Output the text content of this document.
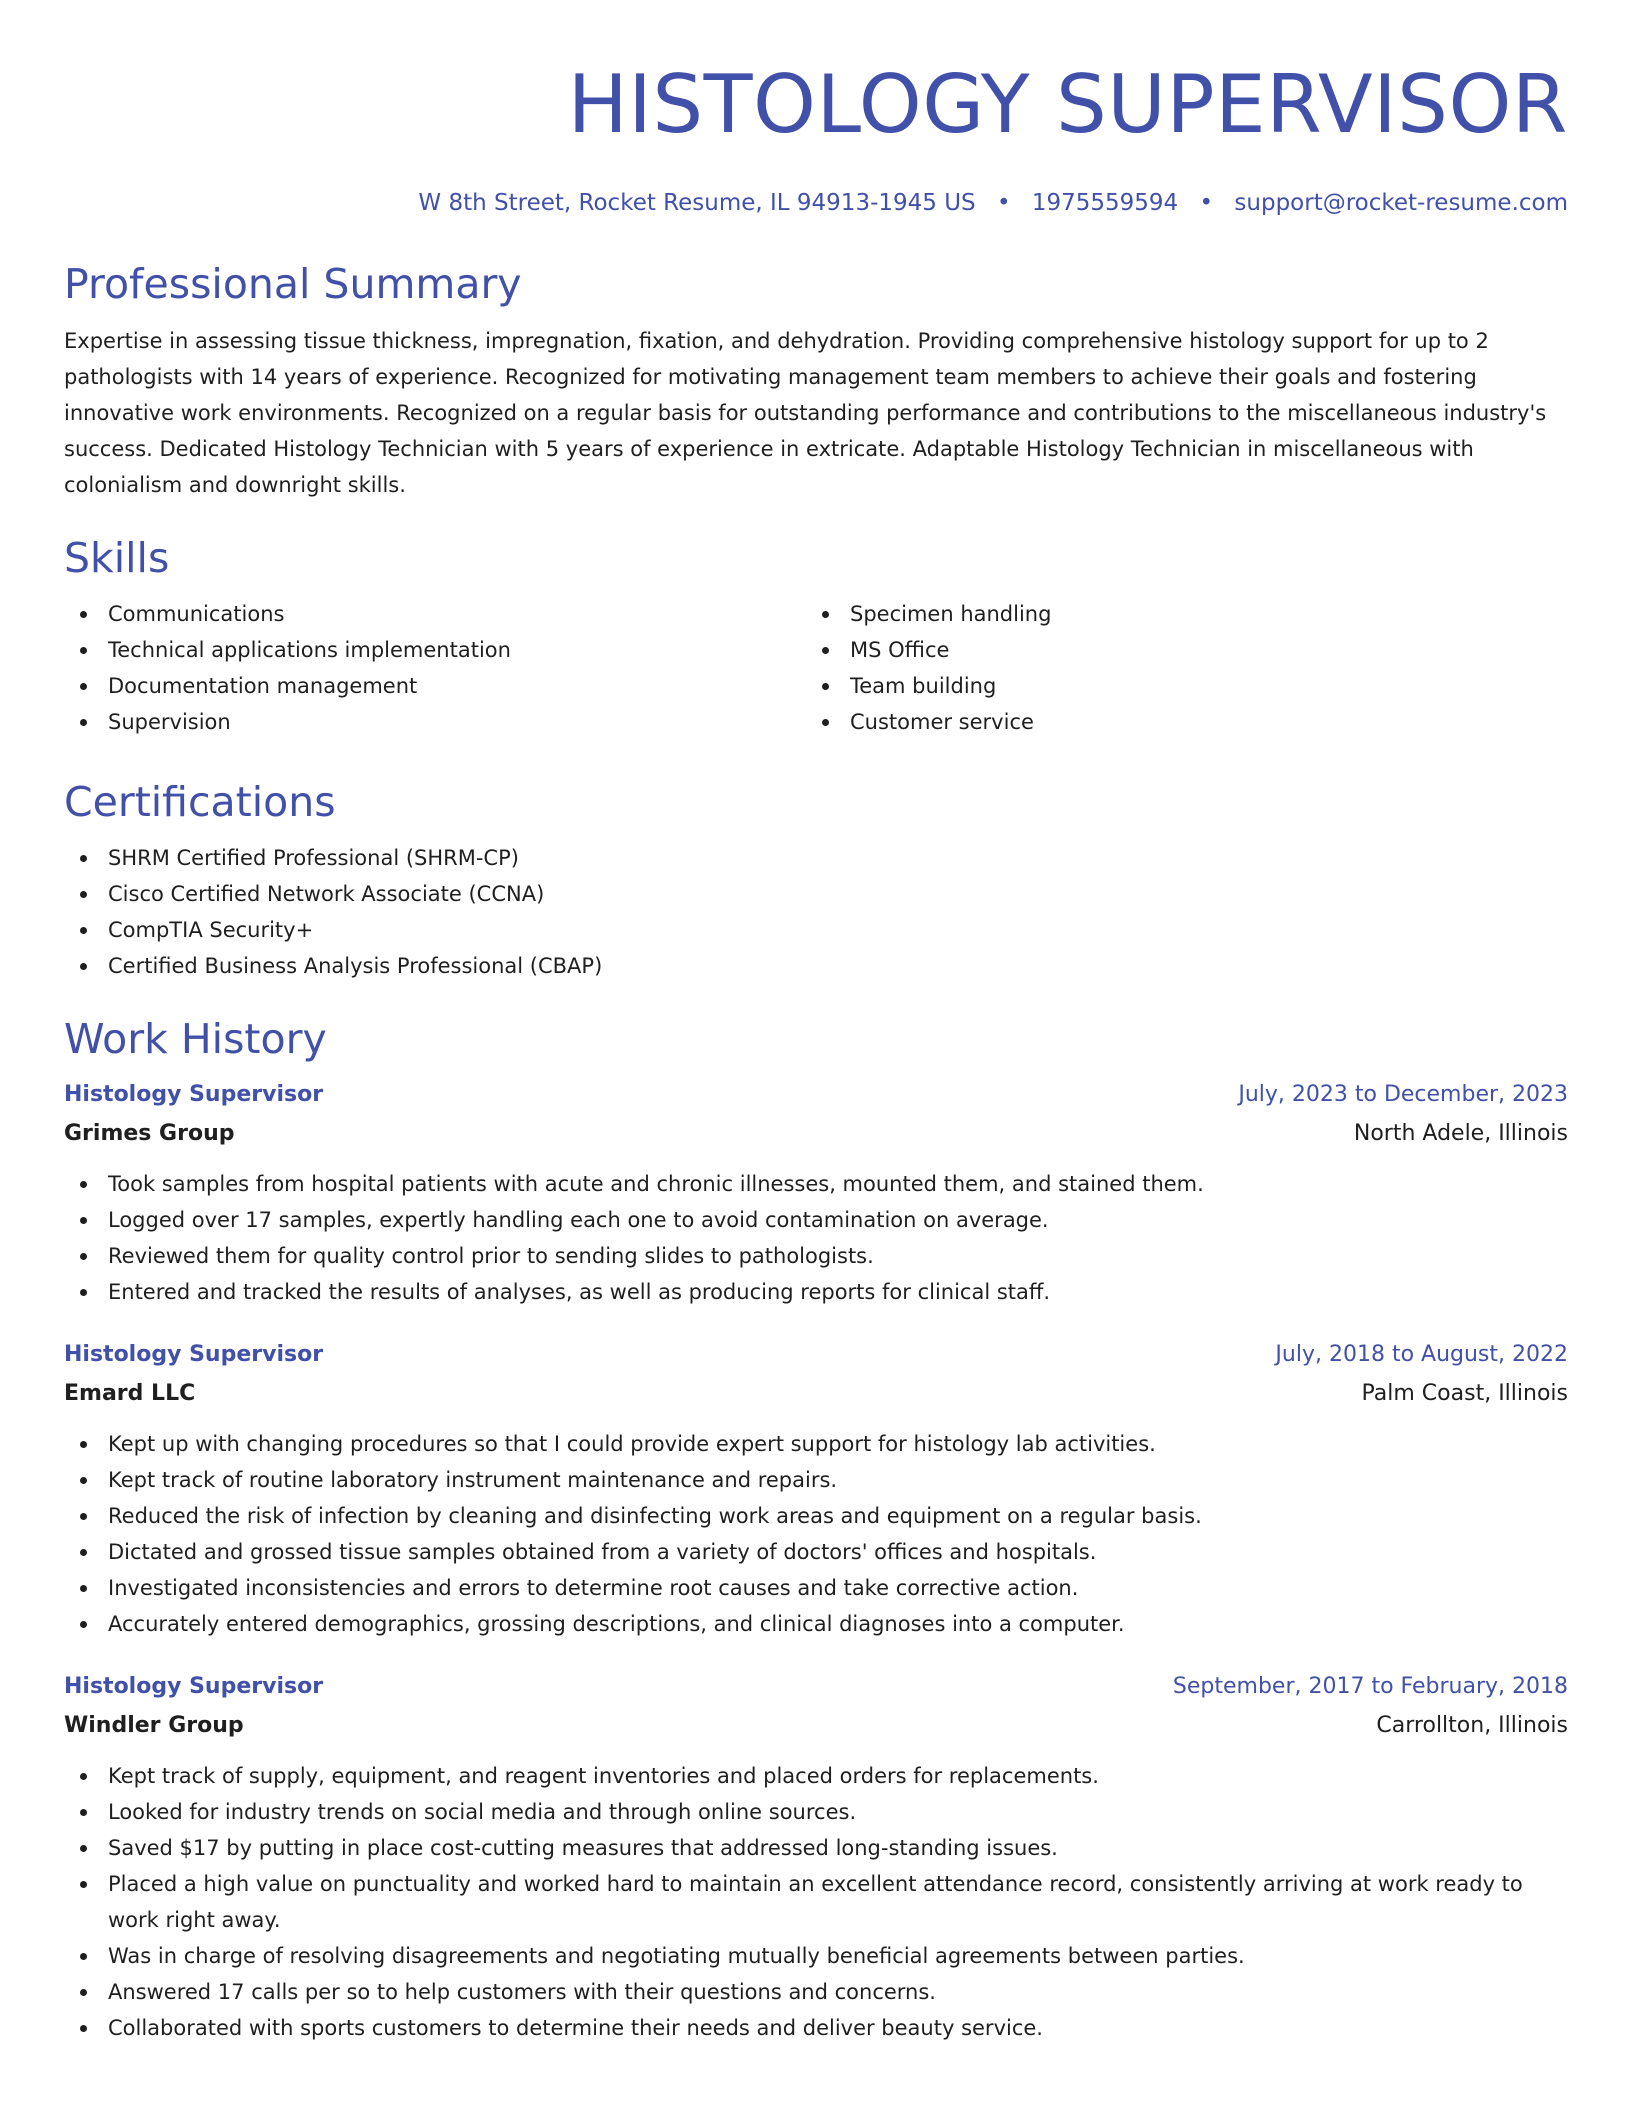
HISTOLOGY SUPERVISOR
W 8th Street, Rocket Resume, IL 94913-1945 US • 1975559594 • support@rocket-resume.com
Professional Summary

Expertise in assessing tissue thickness, impregnation, fixation, and dehydration. Providing comprehensive histology support for up to 2 pathologists with 14 years of experience. Recognized for motivating management team members to achieve their goals and fostering innovative work environments. Recognized on a regular basis for outstanding performance and contributions to the miscellaneous industry's success. Dedicated Histology Technician with 5 years of experience in extricate. Adaptable Histology Technician in miscellaneous with colonialism and downright skills.

Skills
Communications
Technical applications implementation
Documentation management
Supervision
Specimen handling
MS Office
Team building
Customer service
Certifications
SHRM Certified Professional (SHRM-CP)
Cisco Certified Network Associate (CCNA)
CompTIA Security+
Certified Business Analysis Professional (CBAP)
Work History
Histology Supervisor	July, 2023 to December, 2023
Grimes Group	North Adele, Illinois
Took samples from hospital patients with acute and chronic illnesses, mounted them, and stained them.
Logged over 17 samples, expertly handling each one to avoid contamination on average.
Reviewed them for quality control prior to sending slides to pathologists.
Entered and tracked the results of analyses, as well as producing reports for clinical staff.
Histology Supervisor	July, 2018 to August, 2022
Emard LLC	Palm Coast, Illinois
Kept up with changing procedures so that I could provide expert support for histology lab activities.
Kept track of routine laboratory instrument maintenance and repairs.
Reduced the risk of infection by cleaning and disinfecting work areas and equipment on a regular basis.
Dictated and grossed tissue samples obtained from a variety of doctors' offices and hospitals.
Investigated inconsistencies and errors to determine root causes and take corrective action.
Accurately entered demographics, grossing descriptions, and clinical diagnoses into a computer.
Histology Supervisor	September, 2017 to February, 2018
Windler Group	Carrollton, Illinois
Kept track of supply, equipment, and reagent inventories and placed orders for replacements.
Looked for industry trends on social media and through online sources.
Saved $17 by putting in place cost-cutting measures that addressed long-standing issues.
Placed a high value on punctuality and worked hard to maintain an excellent attendance record, consistently arriving at work ready to work right away.
Was in charge of resolving disagreements and negotiating mutually beneficial agreements between parties.
Answered 17 calls per so to help customers with their questions and concerns.
Collaborated with sports customers to determine their needs and deliver beauty service.
